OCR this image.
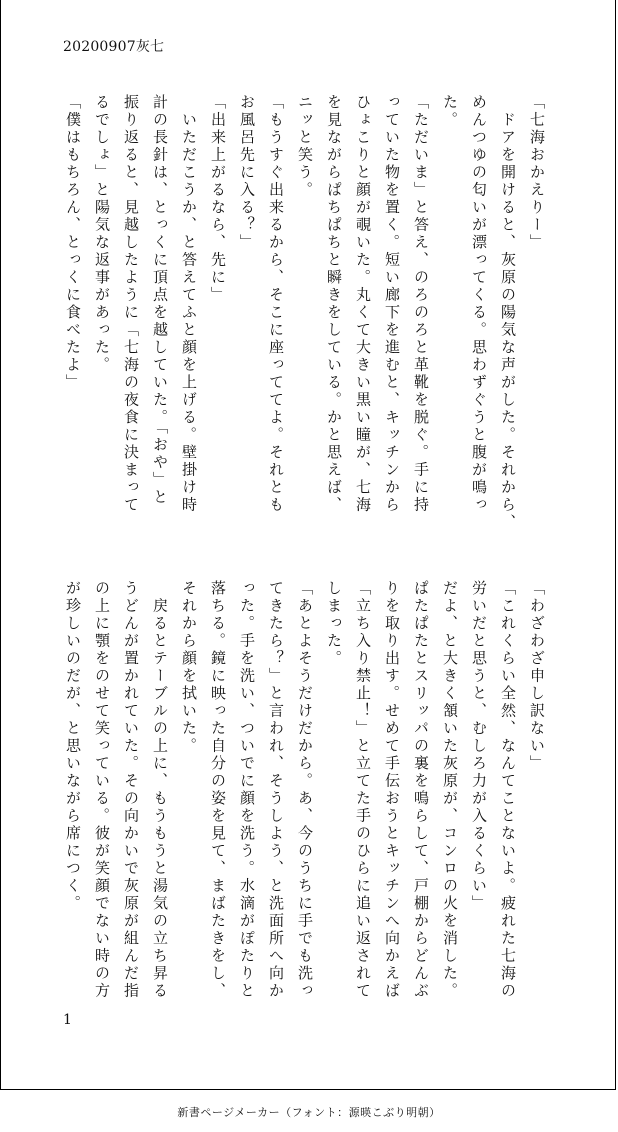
20200907灰七
「七海おかえりー」
　ドアを開けると、灰原の陽気な声がした。それから、
めんつゆの匂いが漂ってくる。思わずぐうと腹が鳴っ
た。
「ただいま」と答え、のろのろと革靴を脱ぐ。手に持
っていた物を置く。短い廊下を進むと、キッチンから
ひょこりと顔が覗いた。丸くて大きい黒い瞳が、七海
を見ながらぱちぱちと瞬きをしている。かと思えば、
ニッと笑う。
「もうすぐ出来るから、そこに座っててよ。それとも
お風呂先に入る？」
「出来上がるなら、先に」
　いただこうか、と答えてふと顔を上げる。壁掛け時
計の長針は、とっくに頂点を越していた。「おや」と
振り返ると、見越したように「七海の夜食に決まって
るでしょ」と陽気な返事があった。
「僕はもちろん、とっくに食べたよ」
「わざわざ申し訳ない」
「これくらい全然、なんてことないよ。疲れた七海の
労いだと思うと、むしろ力が入るくらい」
だよ、と大きく頷いた灰原が、コンロの火を消した。
ぱたぱたとスリッパの裏を鳴らして、戸棚からどんぶ
りを取り出す。せめて手伝おうとキッチンへ向かえば
「立ち入り禁止！」と立てた手のひらに追い返されて
しまった。
「あとよそうだけだから。あ、今のうちに手でも洗っ
てきたら？」と言われ、そうしよう、と洗面所へ向か
った。手を洗い、ついでに顔を洗う。水滴がぽたりと
落ちる。鏡に映った自分の姿を見て、まばたきをし、
それから顔を拭いた。
　戻るとテーブルの上に、もうもうと湯気の立ち昇る
うどんが置かれていた。その向かいで灰原が組んだ指
の上に顎をのせて笑っている。彼が笑顔でない時の方
が珍しいのだが、と思いながら席につく。
1
新書ページメーカー（フォント：源暎こぶり明朝）
